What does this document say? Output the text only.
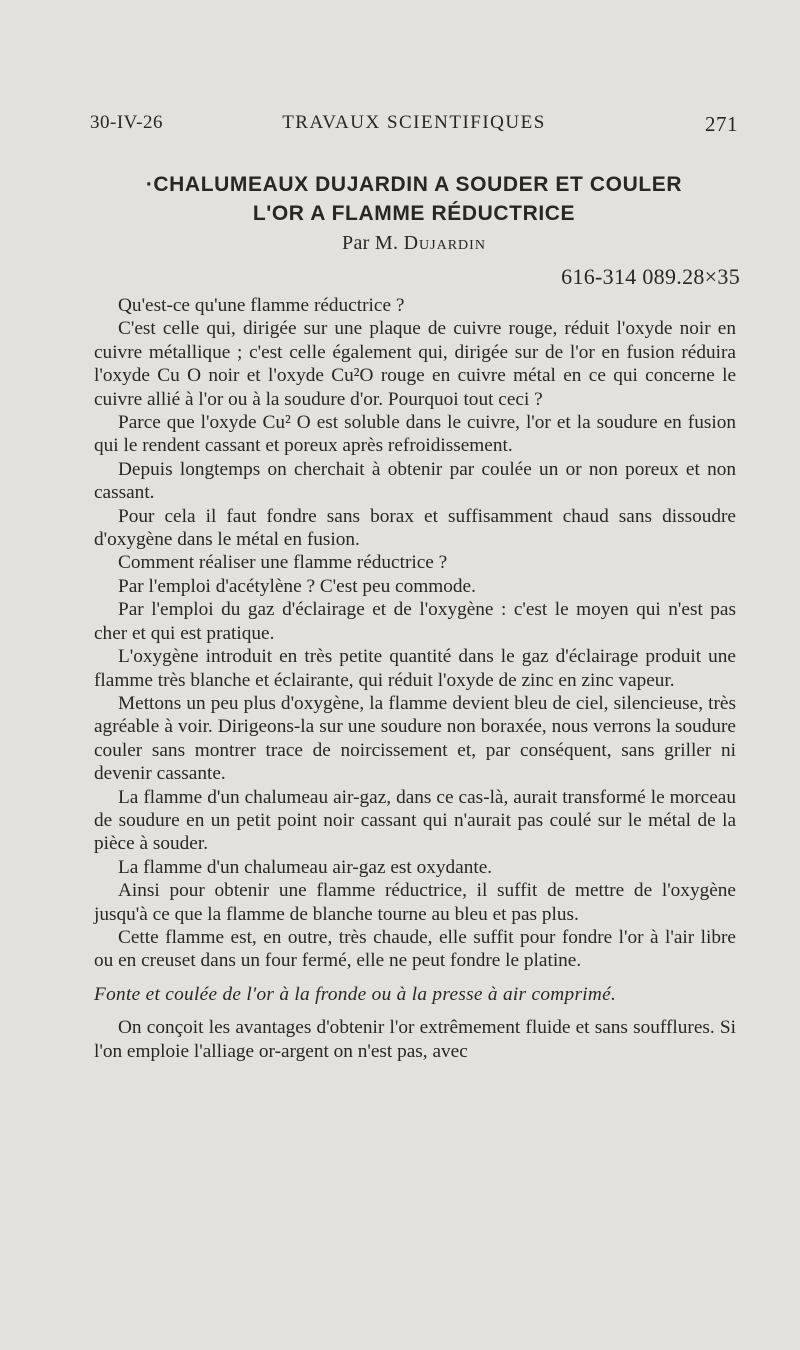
30-IV-26	TRAVAUX SCIENTIFIQUES	271
·CHALUMEAUX DUJARDIN A SOUDER ET COULER
L'OR A FLAMME RÉDUCTRICE
Par M. Dujardin
616-314 089.28×35

Qu'est-ce qu'une flamme réductrice ?

C'est celle qui, dirigée sur une plaque de cuivre rouge, réduit l'oxyde noir en cuivre métallique ; c'est celle également qui, dirigée sur de l'or en fusion réduira l'oxyde Cu O noir et l'oxyde Cu²O rouge en cuivre métal en ce qui concerne le cuivre allié à l'or ou à la soudure d'or. Pourquoi tout ceci ?

Parce que l'oxyde Cu² O est soluble dans le cuivre, l'or et la soudure en fusion qui le rendent cassant et poreux après refroidissement.

Depuis longtemps on cherchait à obtenir par coulée un or non poreux et non cassant.

Pour cela il faut fondre sans borax et suffisamment chaud sans dissoudre d'oxygène dans le métal en fusion.

Comment réaliser une flamme réductrice ?

Par l'emploi d'acétylène ? C'est peu commode.

Par l'emploi du gaz d'éclairage et de l'oxygène : c'est le moyen qui n'est pas cher et qui est pratique.

L'oxygène introduit en très petite quantité dans le gaz d'éclairage produit une flamme très blanche et éclairante, qui réduit l'oxyde de zinc en zinc vapeur.

Mettons un peu plus d'oxygène, la flamme devient bleu de ciel, silencieuse, très agréable à voir. Dirigeons-la sur une soudure non boraxée, nous verrons la soudure couler sans montrer trace de noircissement et, par conséquent, sans griller ni devenir cassante.

La flamme d'un chalumeau air-gaz, dans ce cas-là, aurait transformé le morceau de soudure en un petit point noir cassant qui n'aurait pas coulé sur le métal de la pièce à souder.

La flamme d'un chalumeau air-gaz est oxydante.

Ainsi pour obtenir une flamme réductrice, il suffit de mettre de l'oxygène jusqu'à ce que la flamme de blanche tourne au bleu et pas plus.

Cette flamme est, en outre, très chaude, elle suffit pour fondre l'or à l'air libre ou en creuset dans un four fermé, elle ne peut fondre le platine.

Fonte et coulée de l'or à la fronde ou à la presse à air comprimé.

On conçoit les avantages d'obtenir l'or extrêmement fluide et sans soufflures. Si l'on emploie l'alliage or-argent on n'est pas, avec
